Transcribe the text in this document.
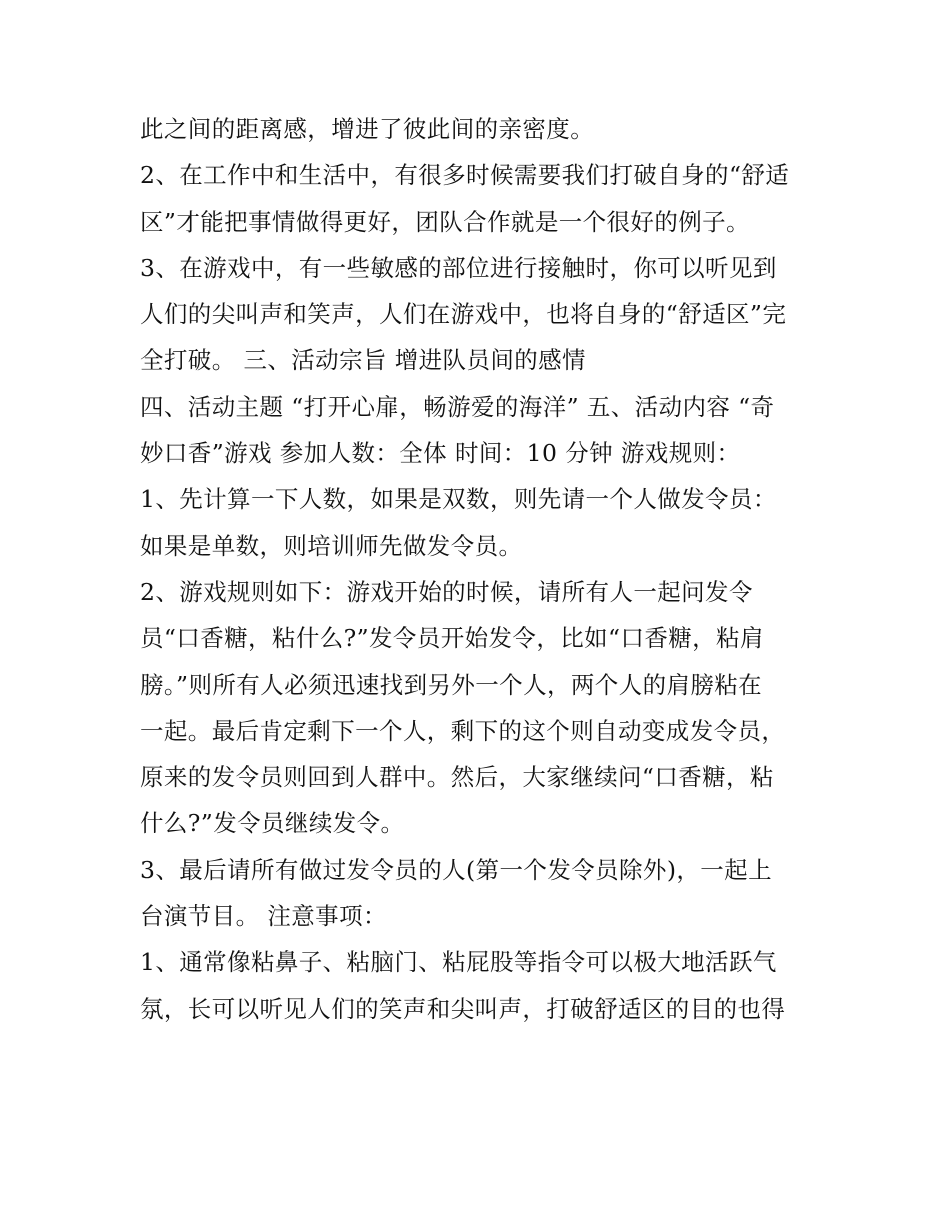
此之间的距离感，增进了彼此间的亲密度。
2、在工作中和生活中，有很多时候需要我们打破自身的“舒适
区”才能把事情做得更好，团队合作就是一个很好的例子。
3、在游戏中，有一些敏感的部位进行接触时，你可以听见到
人们的尖叫声和笑声，人们在游戏中，也将自身的“舒适区”完
全打破。 三、活动宗旨 增进队员间的感情
四、活动主题 “打开心扉，畅游爱的海洋” 五、活动内容 “奇
妙口香”游戏 参加人数：全体 时间：10 分钟 游戏规则：
1、先计算一下人数，如果是双数，则先请一个人做发令员：
如果是单数，则培训师先做发令员。
2、游戏规则如下：游戏开始的时候，请所有人一起问发令
员“口香糖，粘什么?”发令员开始发令，比如“口香糖，粘肩
膀。”则所有人必须迅速找到另外一个人，两个人的肩膀粘在
一起。最后肯定剩下一个人，剩下的这个则自动变成发令员，
原来的发令员则回到人群中。然后，大家继续问“口香糖，粘
什么?”发令员继续发令。
3、最后请所有做过发令员的人(第一个发令员除外)，一起上
台演节目。 注意事项：
1、通常像粘鼻子、粘脑门、粘屁股等指令可以极大地活跃气
氛，长可以听见人们的笑声和尖叫声，打破舒适区的目的也得
